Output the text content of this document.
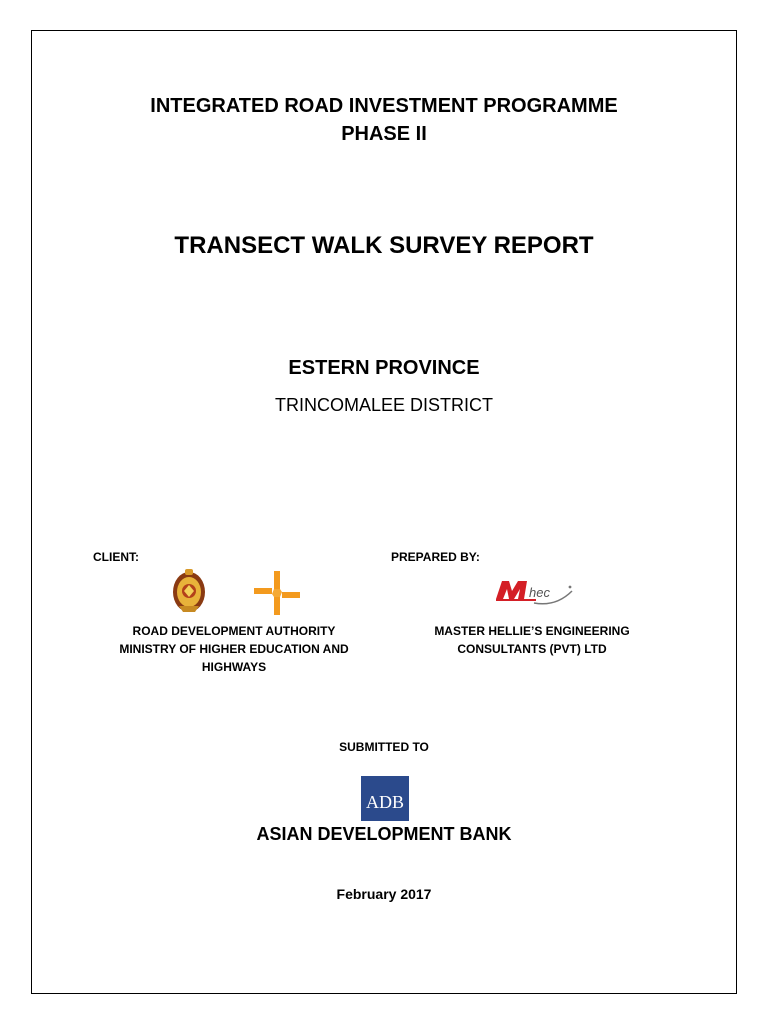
INTEGRATED ROAD INVESTMENT PROGRAMME
PHASE II
TRANSECT WALK SURVEY REPORT
ESTERN PROVINCE
TRINCOMALEE DISTRICT
CLIENT:
ROAD DEVELOPMENT AUTHORITY
MINISTRY OF HIGHER EDUCATION AND
HIGHWAYS
PREPARED BY:
hec
MASTER HELLIE’S ENGINEERING
CONSULTANTS (PVT) LTD
SUBMITTED TO
ADB
ASIAN DEVELOPMENT BANK
February 2017
